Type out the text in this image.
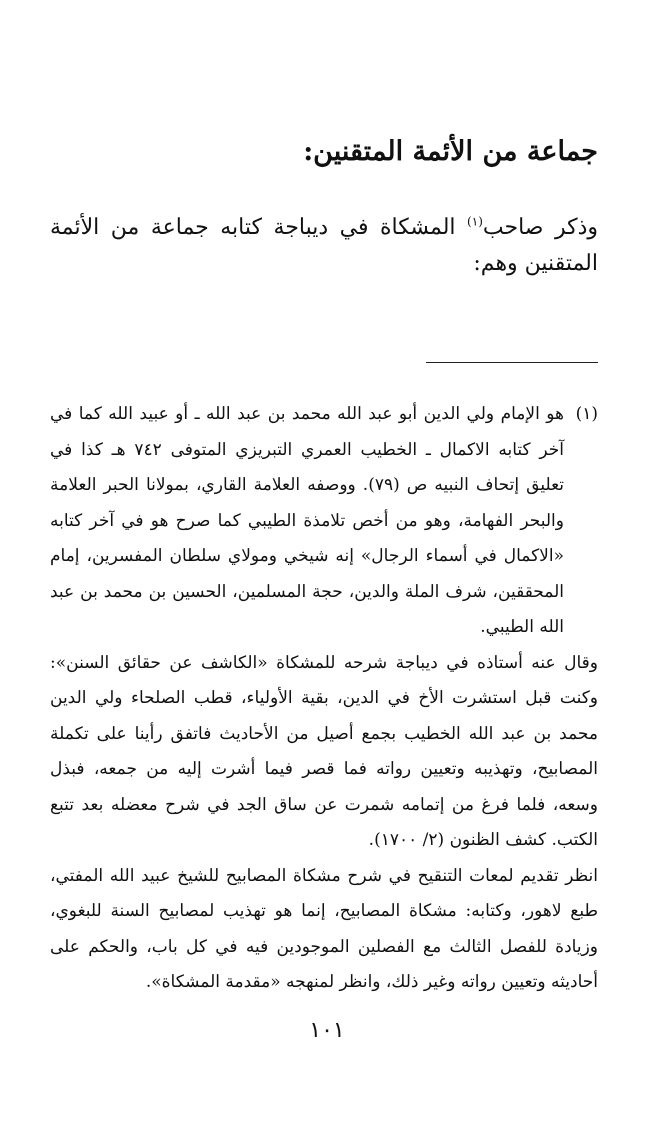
جماعة من الأئمة المتقنين:
وذكر صاحب$^{(١)}$ المشكاة في ديباجة كتابه جماعة من الأئمة المتقنين وهم:
(١)
هو الإمام ولي الدين أبو عبد الله محمد بن عبد الله ـ أو عبيد الله كما في آخر كتابه الاكمال ـ الخطيب العمري التبريزي المتوفى ٧٤٢ هـ كذا في تعليق إتحاف النبيه ص (٧٩). ووصفه العلامة القاري، بمولانا الحبر العلامة والبحر الفهامة، وهو من أخص تلامذة الطيبي كما صرح هو في آخر كتابه «الاكمال في أسماء الرجال» إنه شيخي ومولاي سلطان المفسرين، إمام المحققين، شرف الملة والدين، حجة المسلمين، الحسين بن محمد بن عبد الله الطيبي.
وقال عنه أستاذه في ديباجة شرحه للمشكاة «الكاشف عن حقائق السنن»: وكنت قبل استشرت الأخ في الدين، بقية الأولياء، قطب الصلحاء ولي الدين محمد بن عبد الله الخطيب بجمع أصيل من الأحاديث فاتفق رأينا على تكملة المصابيح، وتهذيبه وتعيين رواته فما قصر فيما أشرت إليه من جمعه، فبذل وسعه، فلما فرغ من إتمامه شمرت عن ساق الجد في شرح معضله بعد تتبع الكتب. كشف الظنون (٢/ ١٧٠٠).
انظر تقديم لمعات التنقيح في شرح مشكاة المصابيح للشيخ عبيد الله المفتي، طبع لاهور، وكتابه: مشكاة المصابيح، إنما هو تهذيب لمصابيح السنة للبغوي، وزيادة للفصل الثالث مع الفصلين الموجودين فيه في كل باب، والحكم على أحاديثه وتعيين رواته وغير ذلك، وانظر لمنهجه «مقدمة المشكاة».
١٠١
